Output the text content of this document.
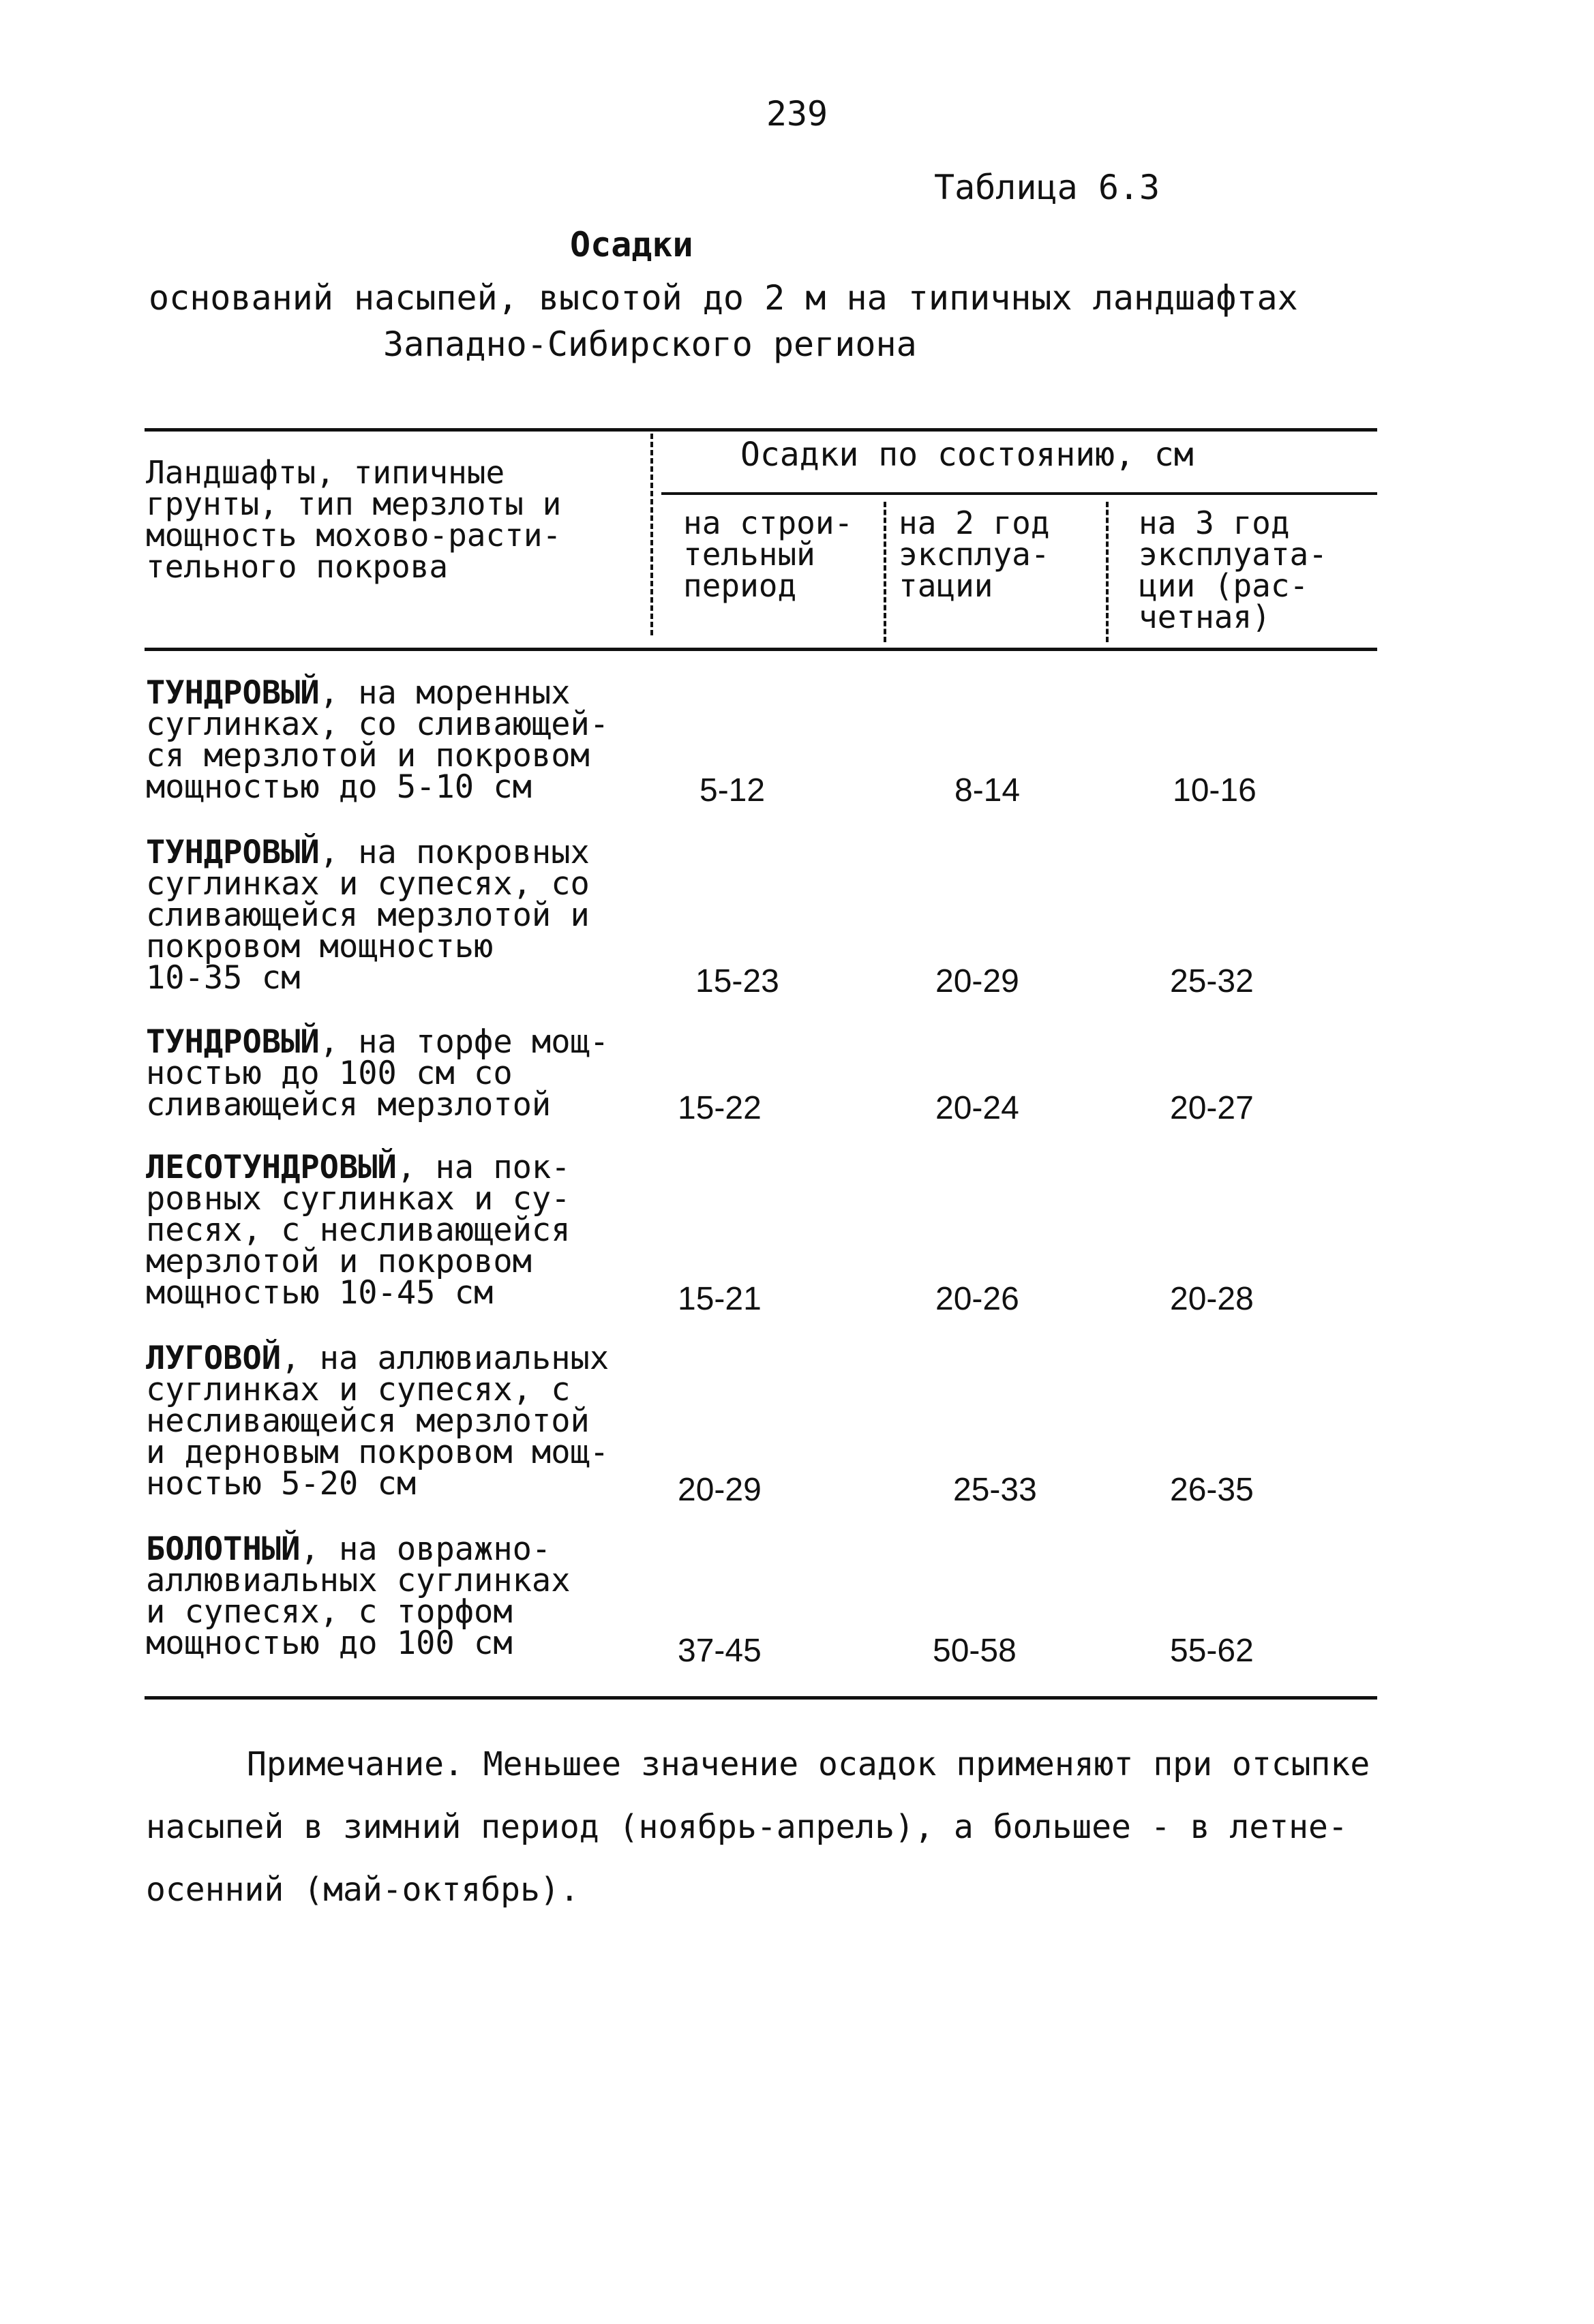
239
Таблица 6.3
Осадки
оснований насыпей, высотой до 2 м на типичных ландшафтах
Западно-Сибирского региона
Ландшафты, типичные
грунты, тип мерзлоты и
мощность мохово-расти-
тельного покрова
Осадки по состоянию, см
на строи-
тельный
период
на 2 год
эксплуа-
тации
на 3 год
эксплуата-
ции (рас-
четная)
ТУНДРОВЫЙ, на моренных
суглинках, со сливающей-
ся мерзлотой и покровом
мощностью до 5-10 см	5-12	8-14	10-16
ТУНДРОВЫЙ, на покровных
суглинках и супесях, со
сливающейся мерзлотой и
покровом мощностью
10-35 см	15-23	20-29	25-32
ТУНДРОВЫЙ, на торфе мощ-
ностью до 100 см со
сливающейся мерзлотой	15-22	20-24	20-27
ЛЕСОТУНДРОВЫЙ, на пок-
ровных суглинках и су-
песях, с несливающейся
мерзлотой и покровом
мощностью 10-45 см	15-21	20-26	20-28
ЛУГОВОЙ, на аллювиальных
суглинках и супесях, с
несливающейся мерзлотой
и дерновым покровом мощ-
ностью 5-20 см	20-29	25-33	26-35
БОЛОТНЫЙ, на овражно-
аллювиальных суглинках
и супесях, с торфом
мощностью до 100 см	37-45	50-58	55-62
Примечание. Меньшее значение осадок применяют при отсыпке насыпей в зимний период (ноябрь-апрель), а большее - в летне-осенний (май-октябрь).
